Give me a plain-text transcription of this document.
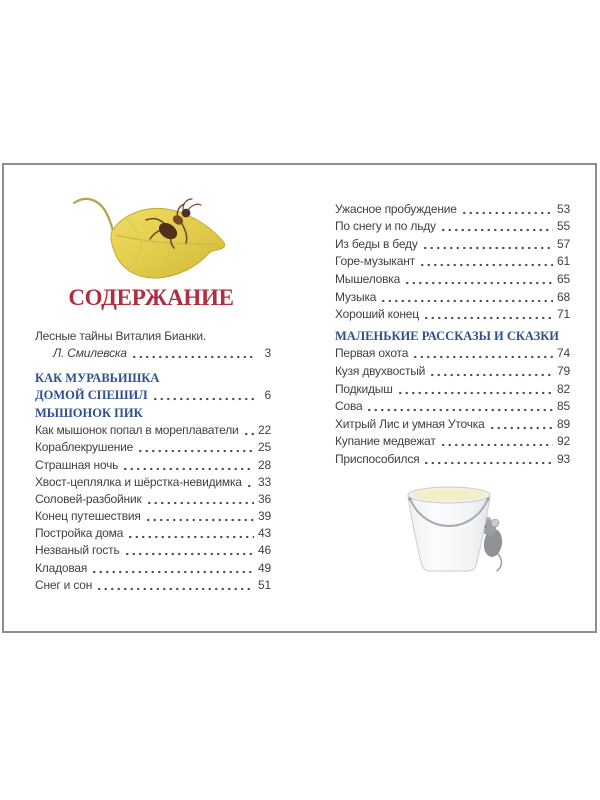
СОДЕРЖАНИЕ
Лесные тайны Виталия Бианки.
Л. Смилевска	3
КАК МУРАВЬИШКА
ДОМОЙ СПЕШИЛ	6
МЫШОНОК ПИК
Как мышонок попал в мореплаватели 22
Кораблекрушение	25
Страшная ночь	28
Хвост-цеплялка и шёрстка-невидимка 33
Соловей-разбойник	36
Конец путешествия	39
Постройка дома	43
Незваный гость	46
Кладовая	49
Снег и сон	51
Ужасное пробуждение	53
По снегу и по льду	55
Из беды в беду	57
Горе-музыкант	61
Мышеловка	65
Музыка	68
Хороший конец	71
МАЛЕНЬКИЕ РАССКАЗЫ И СКАЗКИ
Первая охота	74
Кузя двухвостый	79
Подкидыш	82
Сова	85
Хитрый Лис и умная Уточка	89
Купание медвежат	92
Приспособился	93
